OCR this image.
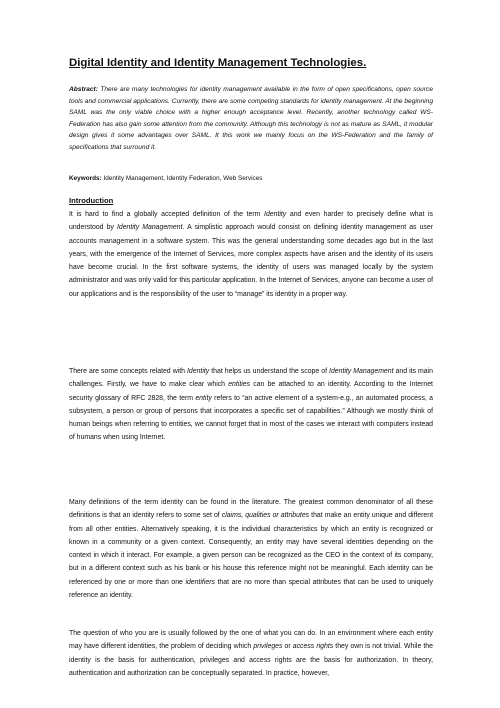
Digital Identity and Identity Management Technologies.

Abstract: There are many technologies for identity management available in the form of open specifications, open source tools and commercial applications. Currently, there are some competing standards for identity management. At the beginning SAML was the only viable choice with a higher enough acceptance level. Recently, another technology called WS-Federation has also gain some attention from the community. Although this technology is not as mature as SAML, it modular design gives it some advantages over SAML. It this work we mainly focus on the WS-Federation and the family of specifications that surround it.

Keywords: Identity Management, Identity Federation, Web Services

Introduction

It is hard to find a globally accepted definition of the term Identity and even harder to precisely define what is understood by Identity Management. A simplistic approach would consist on defining identity management as user accounts management in a software system. This was the general understanding some decades ago but in the last years, with the emergence of the Internet of Services, more complex aspects have arisen and the identity of its users have become crucial. In the first software systems, the identity of users was managed locally by the system administrator and was only valid for this particular application. In the Internet of Services, anyone can become a user of our applications and is the responsibility of the user to “manage” its identity in a proper way.

There are some concepts related with Identity that helps us understand the scope of Identity Management and its main challenges. Firstly, we have to make clear which entities can be attached to an identity. According to the Internet security glossary of RFC 2828, the term entity refers to “an active element of a system-e.g., an automated process, a subsystem, a person or group of persons that incorporates a specific set of capabilities.” Although we mostly think of human beings when referring to entities, we cannot forget that in most of the cases we interact with computers instead of humans when using Internet.

Many definitions of the term identity can be found in the literature. The greatest common denominator of all these definitions is that an identity refers to some set of claims, qualities or attributes that make an entity unique and different from all other entities. Alternatively speaking, it is the individual characteristics by which an entity is recognized or known in a community or a given context. Consequently, an entity may have several identities depending on the context in which it interact. For example, a given person can be recognized as the CEO in the context of its company, but in a different context such as his bank or his house this reference might not be meaningful. Each identity can be referenced by one or more than one identifiers that are no more than special attributes that can be used to uniquely reference an identity.

The question of who you are is usually followed by the one of what you can do. In an environment where each entity may have different identities, the problem of deciding which privileges or access rights they own is not trivial. While the identity is the basis for authentication, privileges and access rights are the basis for authorization. In theory, authentication and authorization can be conceptually separated. In practice, however,
